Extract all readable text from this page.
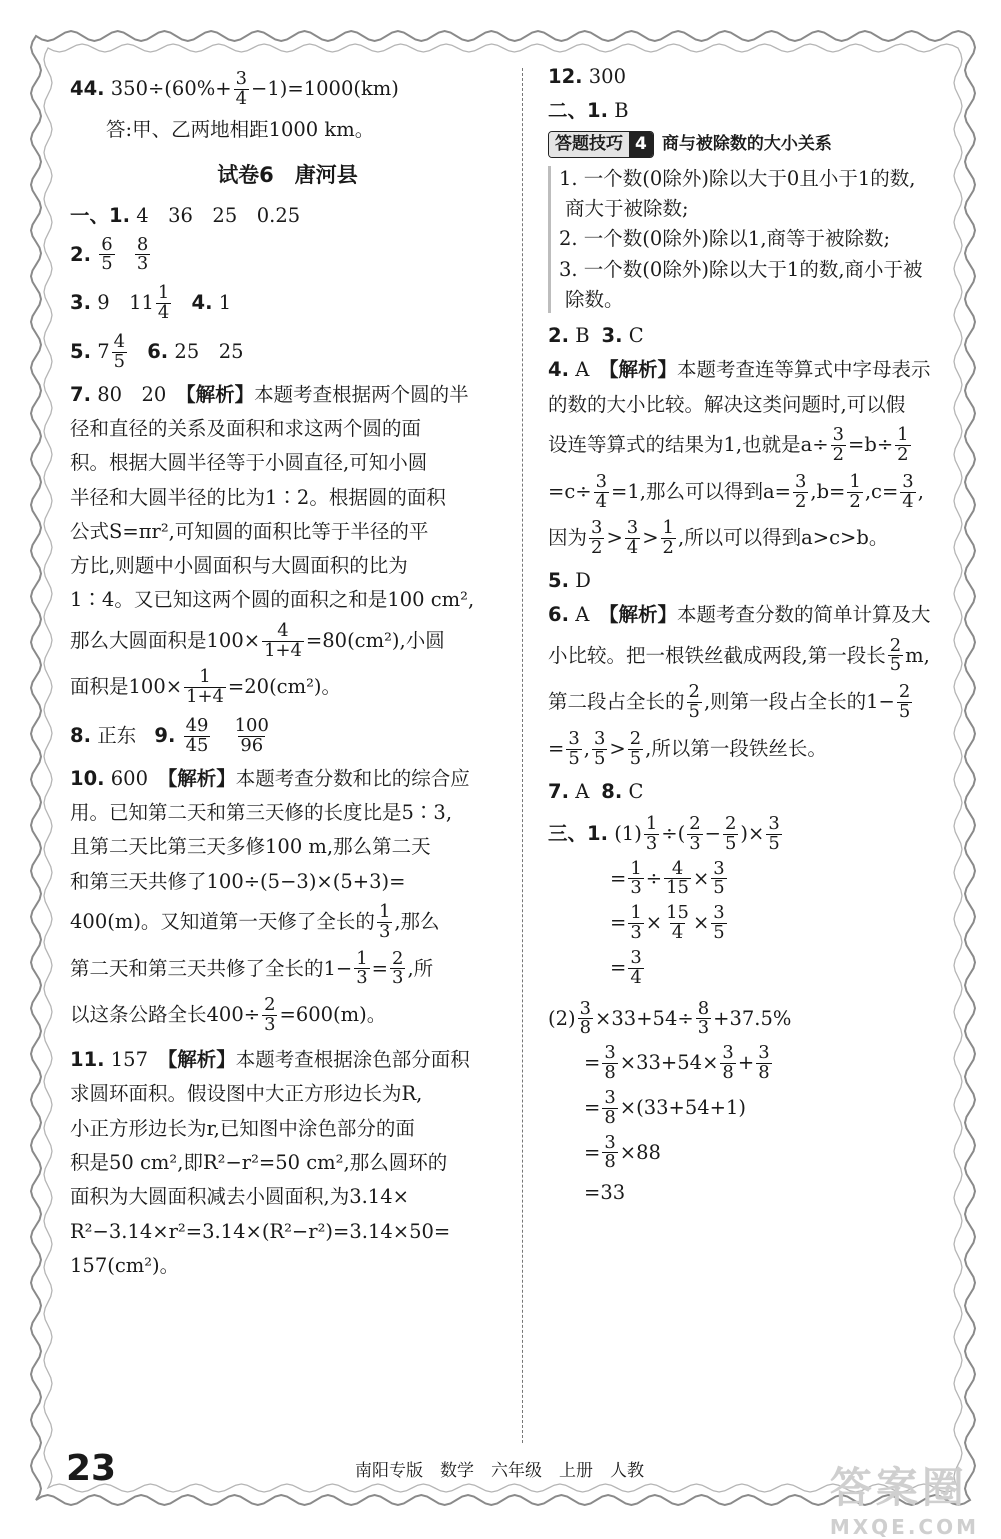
44. $350\div(60\%+ \frac{3}{4} -1)=1000(km)$
答:甲、乙两地相距1000 km。
试卷6　唐河县
一、1. 4　36　25　0.25
2. $\frac{6}{5}$
$\frac{8}{3}$
3. 9　$11 \frac{1}{4} 4$. 1
5. $7 \frac{4}{5} 6$. 25　25
7. 80　20　【解析】本题考查根据两个圆的半
径和直径的关系及面积和求这两个圆的面
积。根据大圆半径等于小圆直径,可知小圆
半径和大圆半径的比为1∶2。根据圆的面积
公式S=πr²,可知圆的面积比等于半径的平
方比,则题中小圆面积与大圆面积的比为
1∶4。又已知这两个圆的面积之和是100 cm²,
那么大圆面积是$100\times \frac{4}{1+4} =80(cm^2)$,小圆
面积是$100\times \frac{1}{1+4} =20(cm^2)$。
8. 正东 9. $\frac{49}{45}$
$\frac{100}{96}$
10. 600　【解析】本题考查分数和比的综合应
用。已知第二天和第三天修的长度比是5∶3,
且第二天比第三天多修100 m,那么第二天
和第三天共修了100÷(5−3)×(5+3)=
400(m)。又知道第一天修了全长的 $\frac{1}{3}$ ,那么
第二天和第三天共修了全长的$1- \frac{1}{3} = \frac{2}{3}$ ,所
以这条公路全长$400\div \frac{2}{3} =600(m)$。
11. 157　【解析】本题考查根据涂色部分面积
求圆环面积。假设图中大正方形边长为R,
小正方形边长为r,已知图中涂色部分的面
积是50 cm²,即R²−r²=50 cm²,那么圆环的
面积为大圆面积减去小圆面积,为3.14×
R²−3.14×r²=3.14×(R²−r²)=3.14×50=
157(cm²)。
12. 300
二、1. B
答题技巧 4 商与被除数的大小关系
1. 一个数(0除外)除以大于0且小于1的数,
商大于被除数;
2. 一个数(0除外)除以1,商等于被除数;
3. 一个数(0除外)除以大于1的数,商小于被
除数。
2. B 3. C
4. A　【解析】本题考查连等算式中字母表示
的数的大小比较。解决这类问题时,可以假
设连等算式的结果为1,也就是$a\div \frac{3}{2} =b\div \frac{1}{2}$
$=c\div \frac{3}{4} =1$,那么可以得到$a= \frac{3}{2} ,b= \frac{1}{2} ,c= \frac{3}{4}$ ,
因为 $\frac{3}{2} > \frac{3}{4} > \frac{1}{2}$ ,所以可以得到a>c>b。
5. D
6. A　【解析】本题考查分数的简单计算及大
小比较。把一根铁丝截成两段,第一段长 $\frac{2}{5} m$,
第二段占全长的 $\frac{2}{5}$ ,则第一段占全长的$1- \frac{2}{5}$
= $\frac{3}{5}$ , $\frac{3}{5} > \frac{2}{5}$ ,所以第一段铁丝长。
7. A 8. C
三、1. $(1) \frac{1}{3}$ ÷( $\frac{2}{3} - \frac{2}{5}$ )× $\frac{3}{5}$
= $\frac{1}{3} \div \frac{4}{15} \times \frac{3}{5}$
= $\frac{1}{3} \times \frac{15}{4} \times \frac{3}{5}$
= $\frac{3}{4}$
$(2) \frac{3}{8} \times 33+54\div \frac{8}{3} +37.5\%$
= $\frac{3}{8} \times 33+54\times \frac{3}{8} + \frac{3}{8}$
= $\frac{3}{8} \times(33+54+1)$
= $\frac{3}{8} \times 88$
=33
23	南阳专版　数学　六年级　上册　人教	答案圈
MXQE.COM
